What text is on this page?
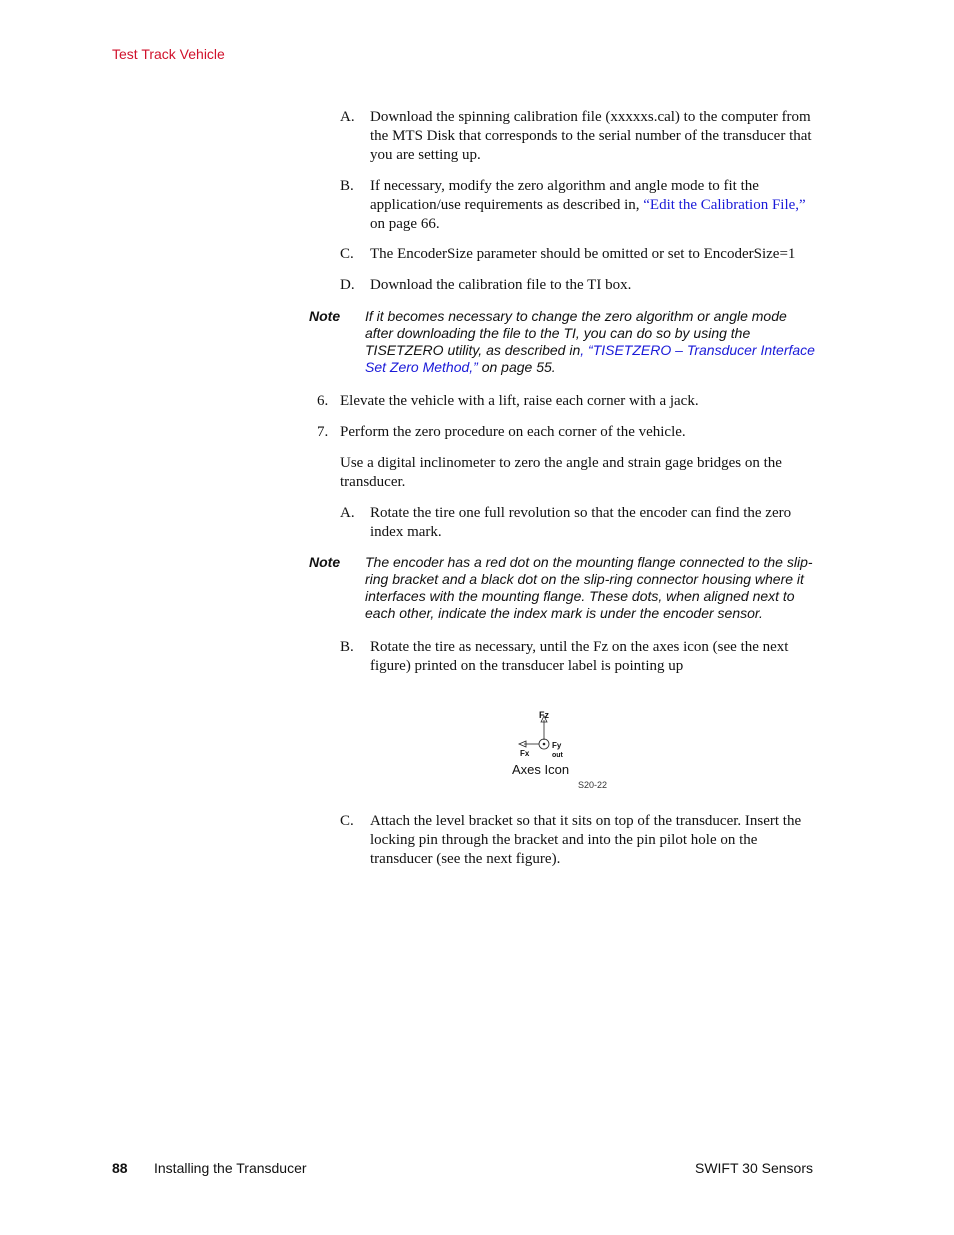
Test Track Vehicle
A. Download the spinning calibration file (xxxxxs.cal) to the computer from the MTS Disk that corresponds to the serial number of the transducer that you are setting up.
B. If necessary, modify the zero algorithm and angle mode to fit the application/use requirements as described in, “Edit the Calibration File,” on page 66.
C. The EncoderSize parameter should be omitted or set to EncoderSize=1
D. Download the calibration file to the TI box.
Note If it becomes necessary to change the zero algorithm or angle mode after downloading the file to the TI, you can do so by using the TISETZERO utility, as described in, “TISETZERO – Transducer Interface Set Zero Method,” on page 55.
6. Elevate the vehicle with a lift, raise each corner with a jack.
7. Perform the zero procedure on each corner of the vehicle.
Use a digital inclinometer to zero the angle and strain gage bridges on the transducer.
A. Rotate the tire one full revolution so that the encoder can find the zero index mark.
Note The encoder has a red dot on the mounting flange connected to the slip-ring bracket and a black dot on the slip-ring connector housing where it interfaces with the mounting flange. These dots, when aligned next to each other, indicate the index mark is under the encoder sensor.
B. Rotate the tire as necessary, until the Fz on the axes icon (see the next figure) printed on the transducer label is pointing up
Fz
Fx
Fy
out
Axes Icon
S20-22
C. Attach the level bracket so that it sits on top of the transducer. Insert the locking pin through the bracket and into the pin pilot hole on the transducer (see the next figure).
88 Installing the Transducer	SWIFT 30 Sensors
